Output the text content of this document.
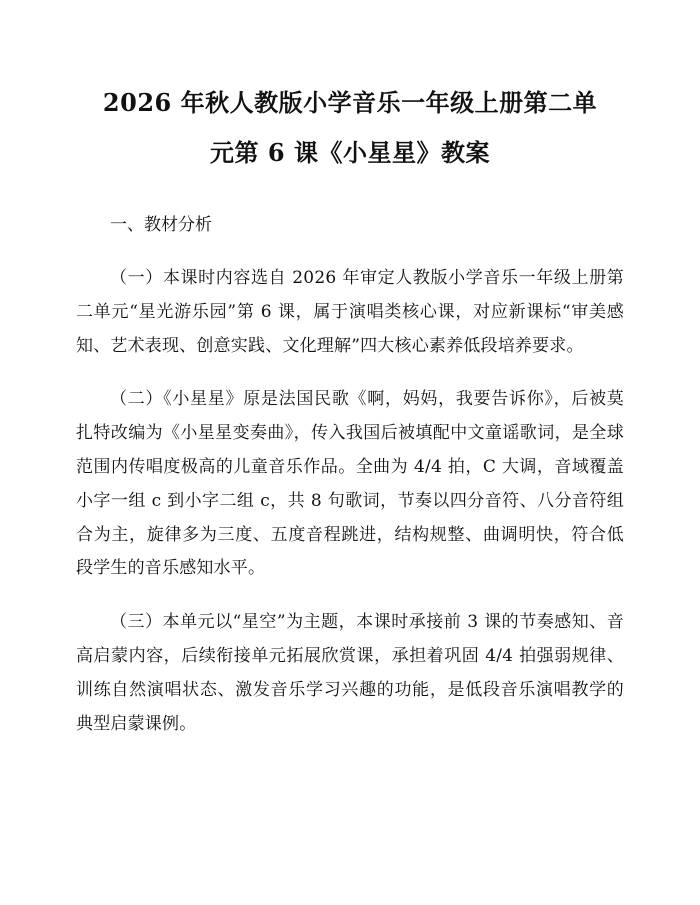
2026 年秋人教版小学音乐一年级上册第二单
元第 6 课《小星星》教案
一、教材分析

（一）本课时内容选自 2026 年审定人教版小学音乐一年级上册第二单元“星光游乐园”第 6 课，属于演唱类核心课，对应新课标“审美感知、艺术表现、创意实践、文化理解”四大核心素养低段培养要求。

（二）《小星星》原是法国民歌《啊，妈妈，我要告诉你》，后被莫扎特改编为《小星星变奏曲》，传入我国后被填配中文童谣歌词，是全球范围内传唱度极高的儿童音乐作品。全曲为 4/4 拍，C 大调，音域覆盖小字一组 c 到小字二组 c，共 8 句歌词，节奏以四分音符、八分音符组合为主，旋律多为三度、五度音程跳进，结构规整、曲调明快，符合低段学生的音乐感知水平。

（三）本单元以“星空”为主题，本课时承接前 3 课的节奏感知、音高启蒙内容，后续衔接单元拓展欣赏课，承担着巩固 4/4 拍强弱规律、训练自然演唱状态、激发音乐学习兴趣的功能，是低段音乐演唱教学的典型启蒙课例。
